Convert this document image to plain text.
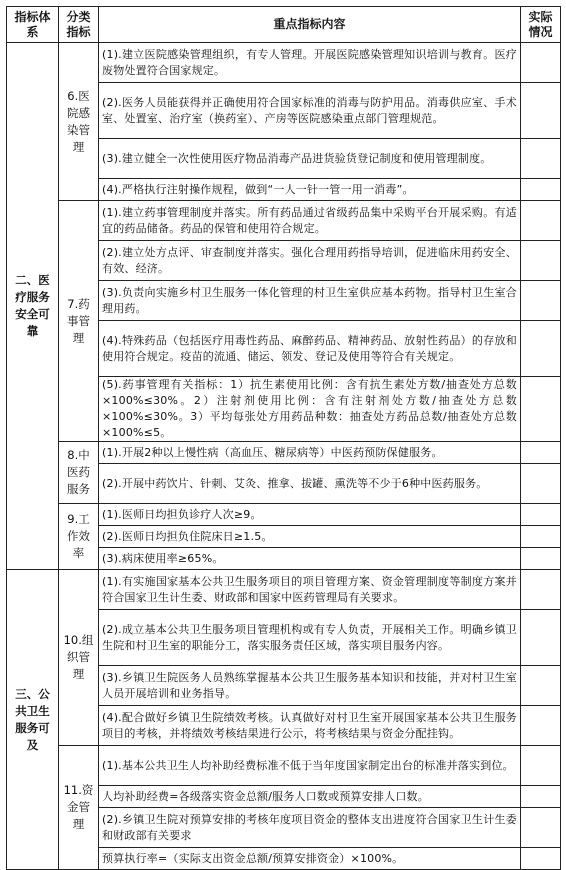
指标体系	分类指标	重点指标内容	实际情况
二、医疗服务安全可靠	6.医院感染管理	(1).建立医院感染管理组织，有专人管理。开展医院感染管理知识培训与教育。医疗废物处置符合国家规定。	
		(2).医务人员能获得并正确使用符合国家标准的消毒与防护用品。消毒供应室、手术室、处置室、治疗室（换药室）、产房等医院感染重点部门管理规范。	
		(3).建立健全一次性使用医疗物品消毒产品进货验货登记制度和使用管理制度。	
		(4).严格执行注射操作规程，做到“一人一针一管一用一消毒”。	
	7.药事管理	(1).建立药事管理制度并落实。所有药品通过省级药品集中采购平台开展采购。有适宜的药品储备。药品的保管和使用符合规定。	
		(2).建立处方点评、审查制度并落实。强化合理用药指导培训，促进临床用药安全、有效、经济。	
		(3).负责向实施乡村卫生服务一体化管理的村卫生室供应基本药物。指导村卫生室合理用药。	
		(4).特殊药品（包括医疗用毒性药品、麻醉药品、精神药品、放射性药品）的存放和使用符合规定。疫苗的流通、储运、领发、登记及使用等符合有关规定。	
		(5).药事管理有关指标：1）抗生素使用比例：含有抗生素处方数/抽查处方总数×100%≤30%。2）注射剂使用比例：含有注射剂处方数/抽查处方总数×100%≤30%。3）平均每张处方用药品种数：抽查处方药品总数/抽查处方总数×100%≤5。	
	8.中医药服务	(1).开展2种以上慢性病（高血压、糖尿病等）中医药预防保健服务。	
		(2).开展中药饮片、针刺、艾灸、推拿、拔罐、熏洗等不少于6种中医药服务。	
	9.工作效率	(1).医师日均担负诊疗人次≥9。	
		(2).医师日均担负住院床日≥1.5。	
		(3).病床使用率≥65%。	
三、公共卫生服务可及	10.组织管理	(1).有实施国家基本公共卫生服务项目的项目管理方案、资金管理制度等制度方案并符合国家卫生计生委、财政部和国家中医药管理局有关要求。	
		(2).成立基本公共卫生服务项目管理机构或有专人负责，开展相关工作。明确乡镇卫生院和村卫生室的职能分工，落实服务责任区域，落实项目服务内容。	
		(3).乡镇卫生院医务人员熟练掌握基本公共卫生服务基本知识和技能，并对村卫生室人员开展培训和业务指导。	
		(4).配合做好乡镇卫生院绩效考核。认真做好对村卫生室开展国家基本公共卫生服务项目的考核，并将绩效考核结果进行公示，将考核结果与资金分配挂钩。	
	11.资金管理	(1).基本公共卫生人均补助经费标准不低于当年度国家制定出台的标准并落实到位。	
		人均补助经费=各级落实资金总额/服务人口数或预算安排人口数。	
		(2).乡镇卫生院对预算安排的考核年度项目资金的整体支出进度符合国家卫生计生委和财政部有关要求	
		预算执行率=（实际支出资金总额/预算安排资金）×100%。	
